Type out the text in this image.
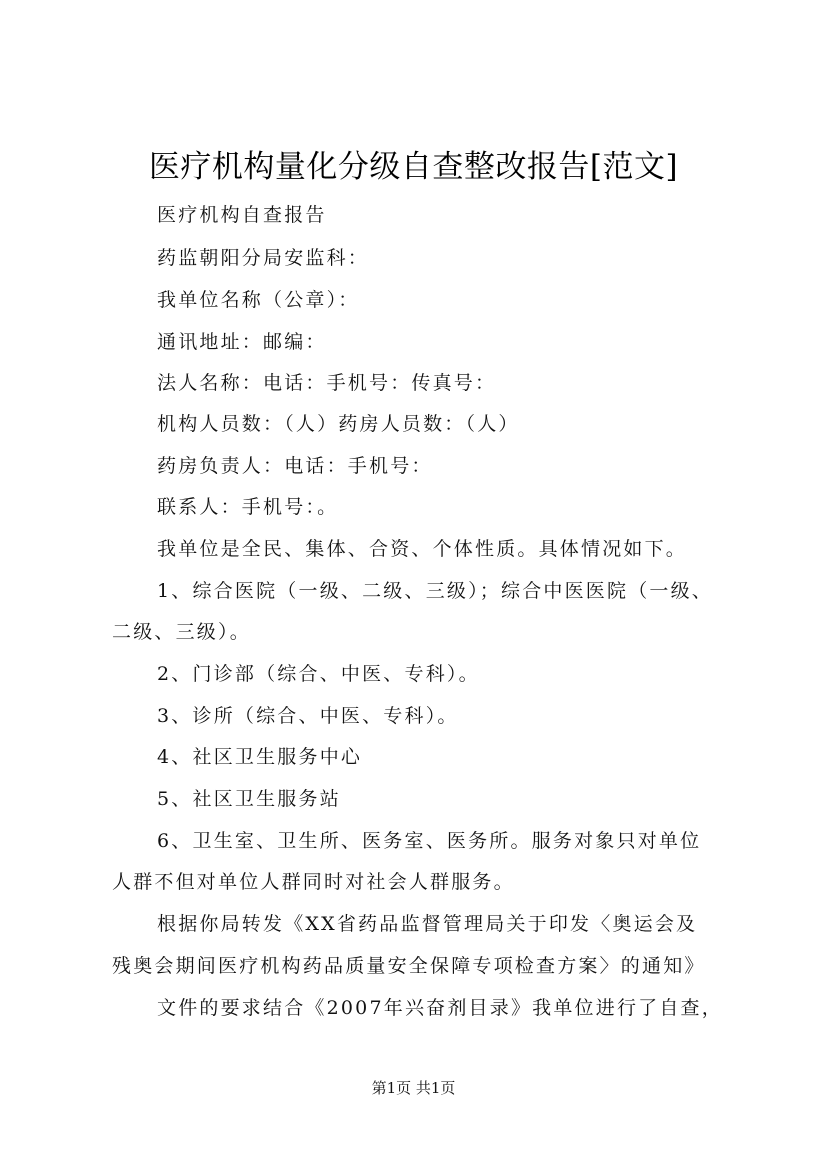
医疗机构量化分级自查整改报告[范文]
医疗机构自查报告
药监朝阳分局安监科：
我单位名称（公章）：
通讯地址：邮编：
法人名称：电话：手机号：传真号：
机构人员数：（人）药房人员数：（人）
药房负责人：电话：手机号：
联系人：手机号：。
我单位是全民、集体、合资、个体性质。具体情况如下。
1、综合医院（一级、二级、三级）；综合中医医院（一级、
二级、三级）。
2、门诊部（综合、中医、专科）。
3、诊所（综合、中医、专科）。
4、社区卫生服务中心
5、社区卫生服务站
6、卫生室、卫生所、医务室、医务所。服务对象只对单位
人群不但对单位人群同时对社会人群服务。
根据你局转发《XX省药品监督管理局关于印发〈奥运会及
残奥会期间医疗机构药品质量安全保障专项检查方案〉的通知》
文件的要求结合《2007年兴奋剂目录》我单位进行了自查，
第1页 共1页
